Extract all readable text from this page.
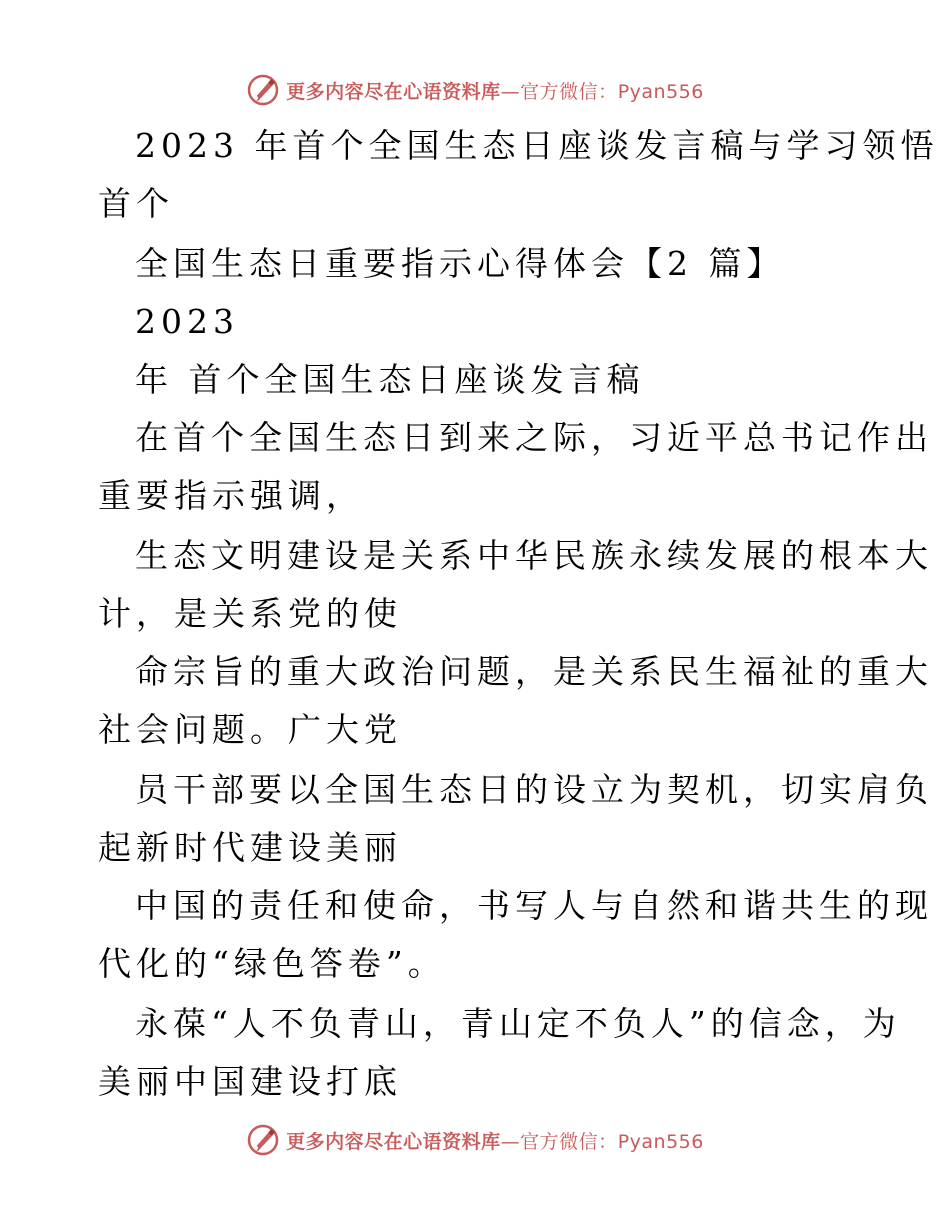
更多内容尽在心语资料库—官方微信：Pyan556
2023 年首个全国生态日座谈发言稿与学习领悟
首个
全国生态日重要指示心得体会【2 篇】
2023
年 首个全国生态日座谈发言稿
在首个全国生态日到来之际，习近平总书记作出
重要指示强调，
生态文明建设是关系中华民族永续发展的根本大
计，是关系党的使
命宗旨的重大政治问题，是关系民生福祉的重大
社会问题。广大党
员干部要以全国生态日的设立为契机，切实肩负
起新时代建设美丽
中国的责任和使命，书写人与自然和谐共生的现
代化的“绿色答卷”。
永葆“人不负青山，青山定不负人”的信念，为
美丽中国建设打底
更多内容尽在心语资料库—官方微信：Pyan556
